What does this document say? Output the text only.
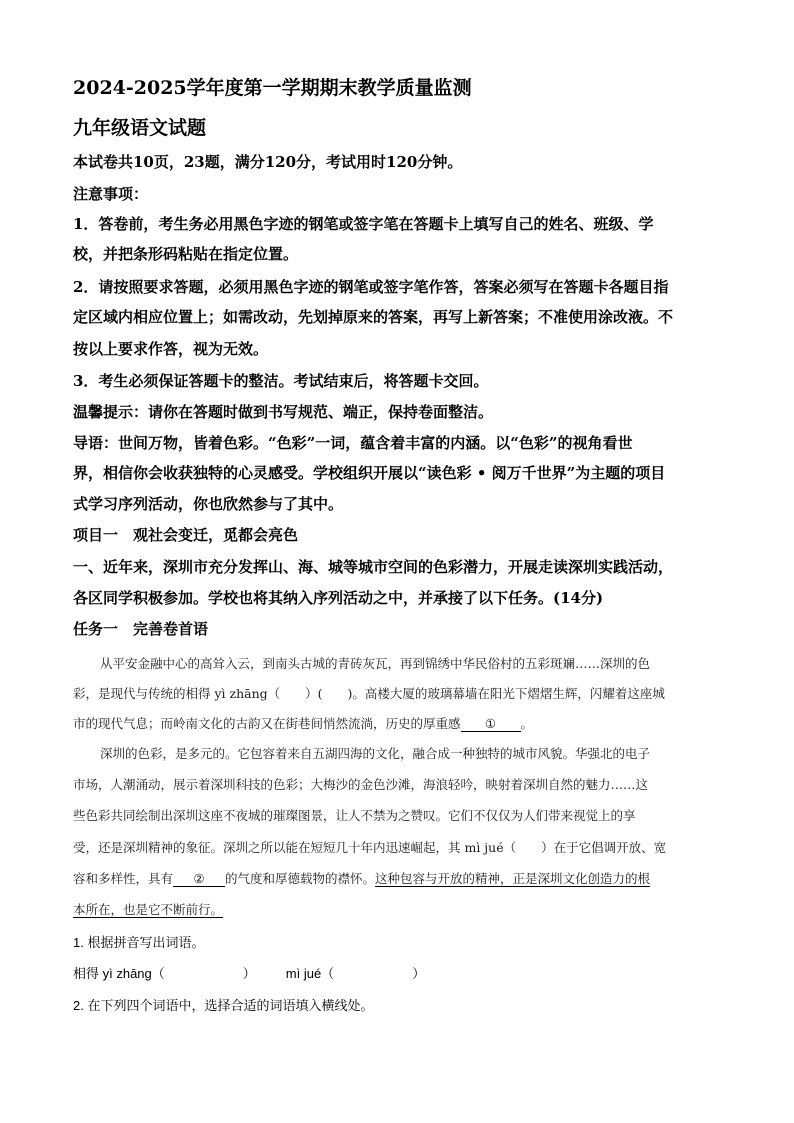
2024-2025学年度第一学期期末教学质量监测
九年级语文试题
本试卷共10页，23题，满分120分，考试用时120分钟。
注意事项：
1．答卷前，考生务必用黑色字迹的钢笔或签字笔在答题卡上填写自己的姓名、班级、学
校，并把条形码粘贴在指定位置。
2．请按照要求答题，必须用黑色字迹的钢笔或签字笔作答，答案必须写在答题卡各题目指
定区域内相应位置上；如需改动，先划掉原来的答案，再写上新答案；不准使用涂改液。不
按以上要求作答，视为无效。
3．考生必须保证答题卡的整洁。考试结束后，将答题卡交回。
温馨提示：请你在答题时做到书写规范、端正，保持卷面整洁。
导语：世间万物，皆着色彩。“色彩”一词，蕴含着丰富的内涵。以“色彩”的视角看世
界，相信你会收获独特的心灵感受。学校组织开展以“读色彩 • 阅万千世界”为主题的项目
式学习序列活动，你也欣然参与了其中。
项目一　观社会变迁，觅都会亮色
一、近年来，深圳市充分发挥山、海、城等城市空间的色彩潜力，开展走读深圳实践活动，
各区同学积极参加。学校也将其纳入序列活动之中，并承接了以下任务。(14分)
任务一　完善卷首语
从平安金融中心的高耸入云，到南头古城的青砖灰瓦，再到锦绣中华民俗村的五彩斑斓……深圳的色
彩，是现代与传统的相得 yì zhāng（　　）(　　)。高楼大厦的玻璃幕墙在阳光下熠熠生辉，闪耀着这座城
市的现代气息；而岭南文化的古韵又在街巷间悄然流淌，历史的厚重感 ① 。
深圳的色彩，是多元的。它包容着来自五湖四海的文化，融合成一种独特的城市风貌。华强北的电子
市场，人潮涌动，展示着深圳科技的色彩；大梅沙的金色沙滩，海浪轻吟，映射着深圳自然的魅力……这
些色彩共同绘制出深圳这座不夜城的璀璨图景，让人不禁为之赞叹。它们不仅仅为人们带来视觉上的享
受，还是深圳精神的象征。深圳之所以能在短短几十年内迅速崛起，其 mì jué（　　）在于它倡调开放、宽
容和多样性，具有 ② 的气度和厚德载物的襟怀。这种包容与开放的精神，正是深圳文化创造力的根
本所在，也是它不断前行。
1. 根据拼音写出词语。
相得 yì zhāng（	） mì jué（	）
2. 在下列四个词语中，选择合适的词语填入横线处。
